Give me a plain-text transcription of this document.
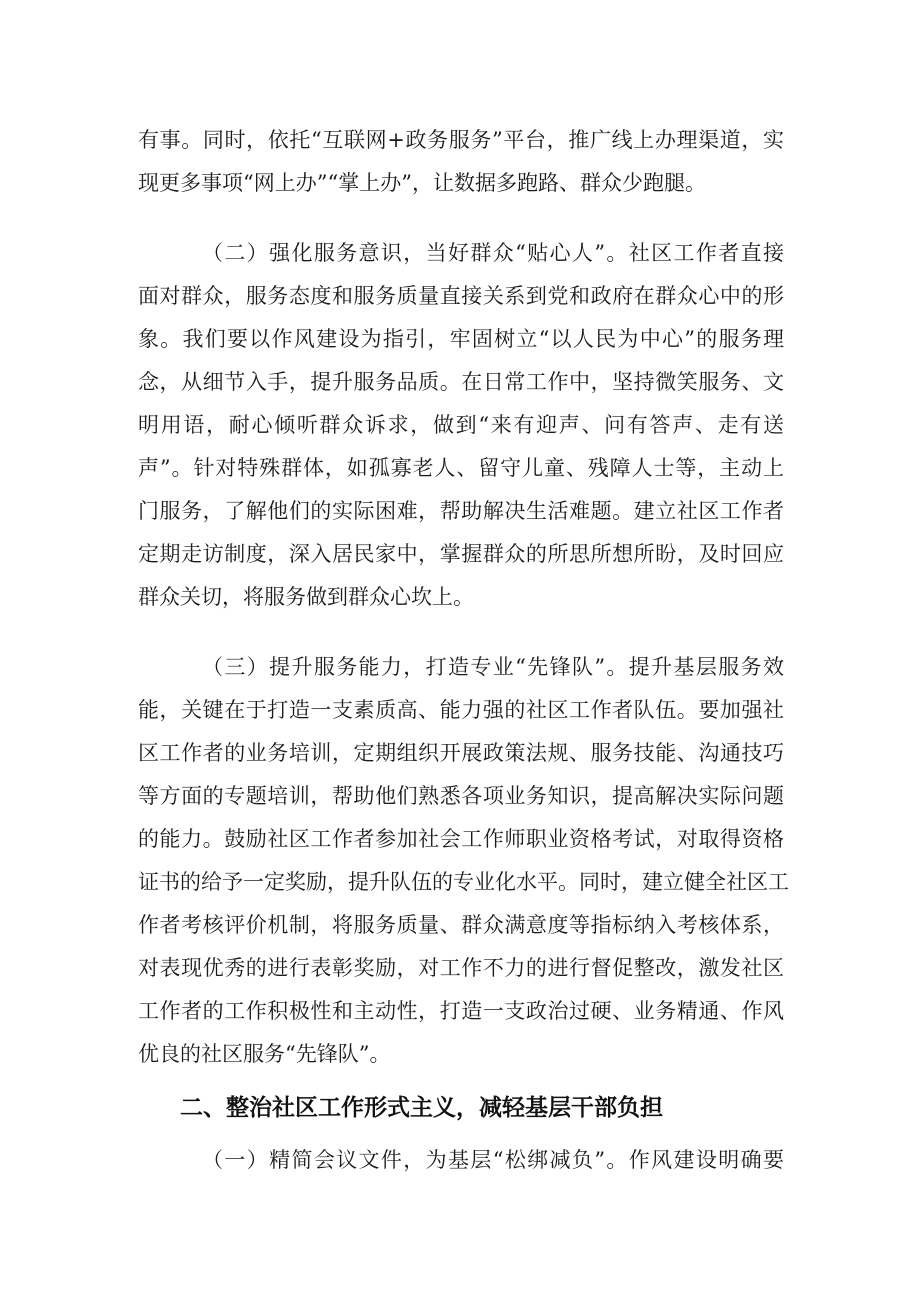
有事。同时，依托“互联网+政务服务”平台，推广线上办理渠道，实
现更多事项“网上办”“掌上办”，让数据多跑路、群众少跑腿。
（二）强化服务意识，当好群众“贴心人”。社区工作者直接
面对群众，服务态度和服务质量直接关系到党和政府在群众心中的形
象。我们要以作风建设为指引，牢固树立“以人民为中心”的服务理
念，从细节入手，提升服务品质。在日常工作中，坚持微笑服务、文
明用语，耐心倾听群众诉求，做到“来有迎声、问有答声、走有送
声”。针对特殊群体，如孤寡老人、留守儿童、残障人士等，主动上
门服务，了解他们的实际困难，帮助解决生活难题。建立社区工作者
定期走访制度，深入居民家中，掌握群众的所思所想所盼，及时回应
群众关切，将服务做到群众心坎上。
（三）提升服务能力，打造专业“先锋队”。提升基层服务效
能，关键在于打造一支素质高、能力强的社区工作者队伍。要加强社
区工作者的业务培训，定期组织开展政策法规、服务技能、沟通技巧
等方面的专题培训，帮助他们熟悉各项业务知识，提高解决实际问题
的能力。鼓励社区工作者参加社会工作师职业资格考试，对取得资格
证书的给予一定奖励，提升队伍的专业化水平。同时，建立健全社区工
作者考核评价机制，将服务质量、群众满意度等指标纳入考核体系，
对表现优秀的进行表彰奖励，对工作不力的进行督促整改，激发社区
工作者的工作积极性和主动性，打造一支政治过硬、业务精通、作风
优良的社区服务“先锋队”。
二、整治社区工作形式主义，减轻基层干部负担
（一）精简会议文件，为基层“松绑减负”。作风建设明确要
